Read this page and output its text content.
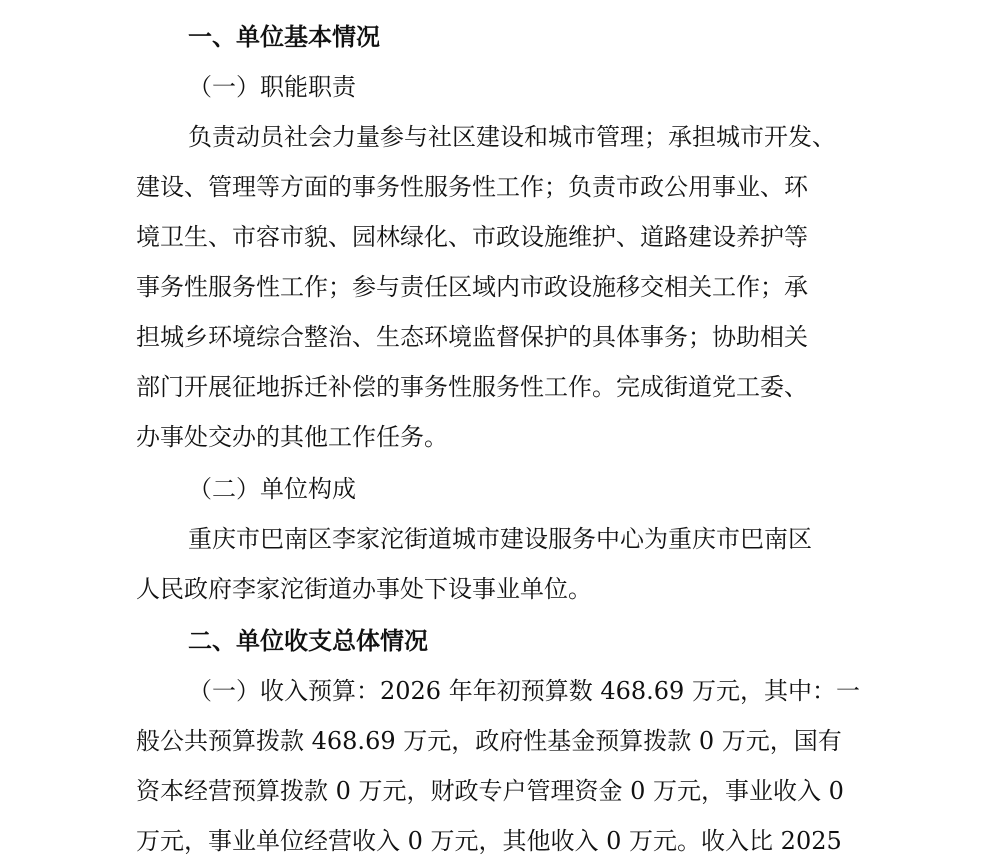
一、单位基本情况
（一）职能职责
负责动员社会力量参与社区建设和城市管理；承担城市开发、
建设、管理等方面的事务性服务性工作；负责市政公用事业、环
境卫生、市容市貌、园林绿化、市政设施维护、道路建设养护等
事务性服务性工作；参与责任区域内市政设施移交相关工作；承
担城乡环境综合整治、生态环境监督保护的具体事务；协助相关
部门开展征地拆迁补偿的事务性服务性工作。完成街道党工委、
办事处交办的其他工作任务。
（二）单位构成
重庆市巴南区李家沱街道城市建设服务中心为重庆市巴南区
人民政府李家沱街道办事处下设事业单位。
二、单位收支总体情况
（一）收入预算：2026 年年初预算数 468.69 万元，其中：一
般公共预算拨款 468.69 万元，政府性基金预算拨款 0 万元，国有
资本经营预算拨款 0 万元，财政专户管理资金 0 万元，事业收入 0
万元，事业单位经营收入 0 万元，其他收入 0 万元。收入比 2025
